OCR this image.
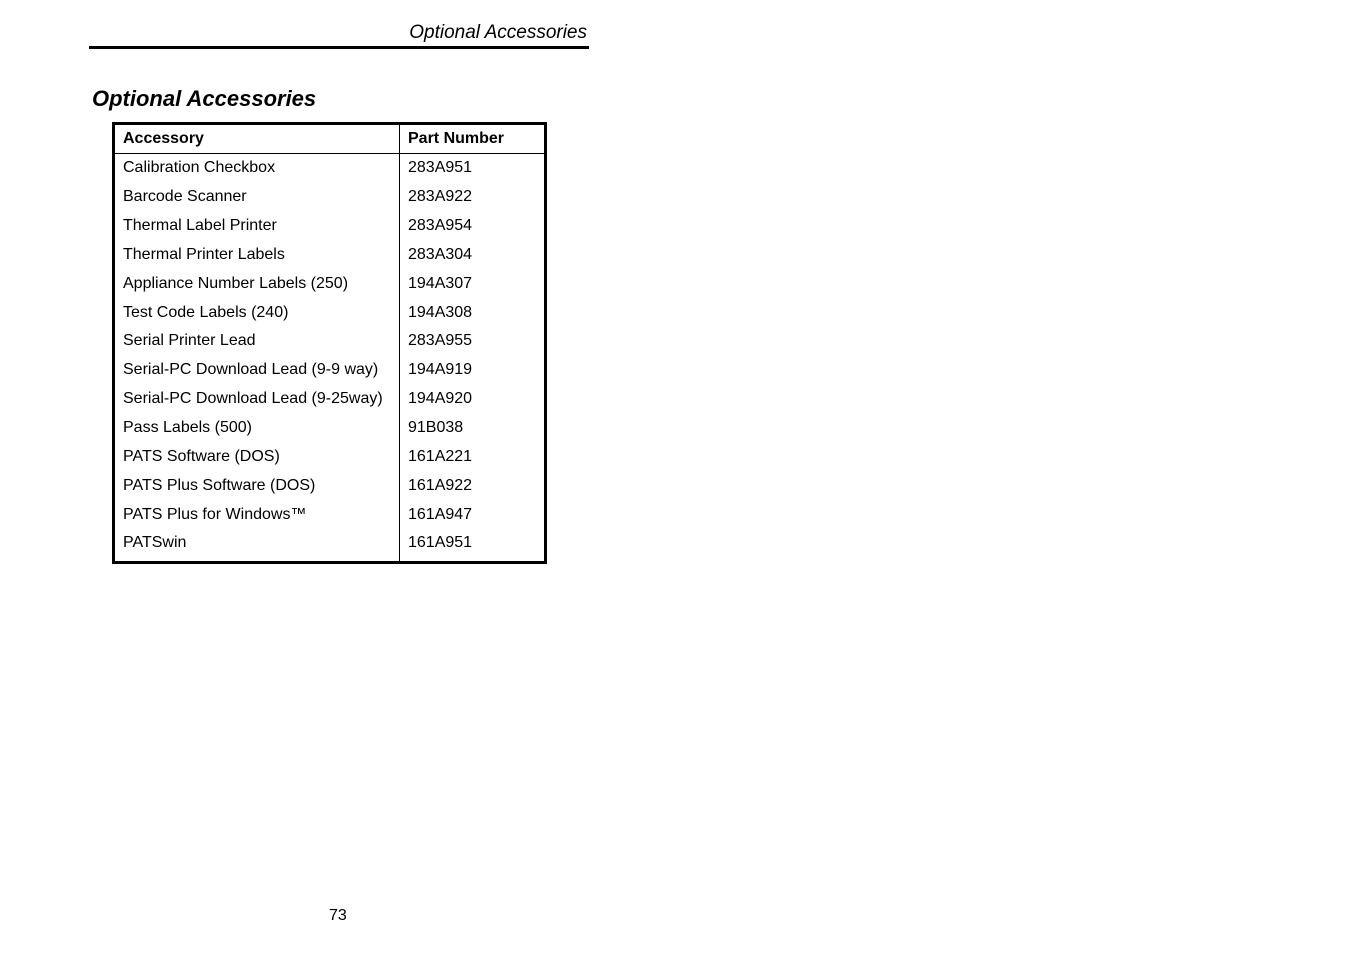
Optional Accessories
Optional Accessories
Accessory	Part Number
Calibration Checkbox	283A951
Barcode Scanner	283A922
Thermal Label Printer	283A954
Thermal Printer Labels	283A304
Appliance Number Labels (250)	194A307
Test Code Labels (240)	194A308
Serial Printer Lead	283A955
Serial-PC Download Lead (9-9 way)	194A919
Serial-PC Download Lead (9-25way)	194A920
Pass Labels (500)	91B038
PATS Software (DOS)	161A221
PATS Plus Software (DOS)	161A922
PATS Plus for Windows™	161A947
PATSwin	161A951
73
